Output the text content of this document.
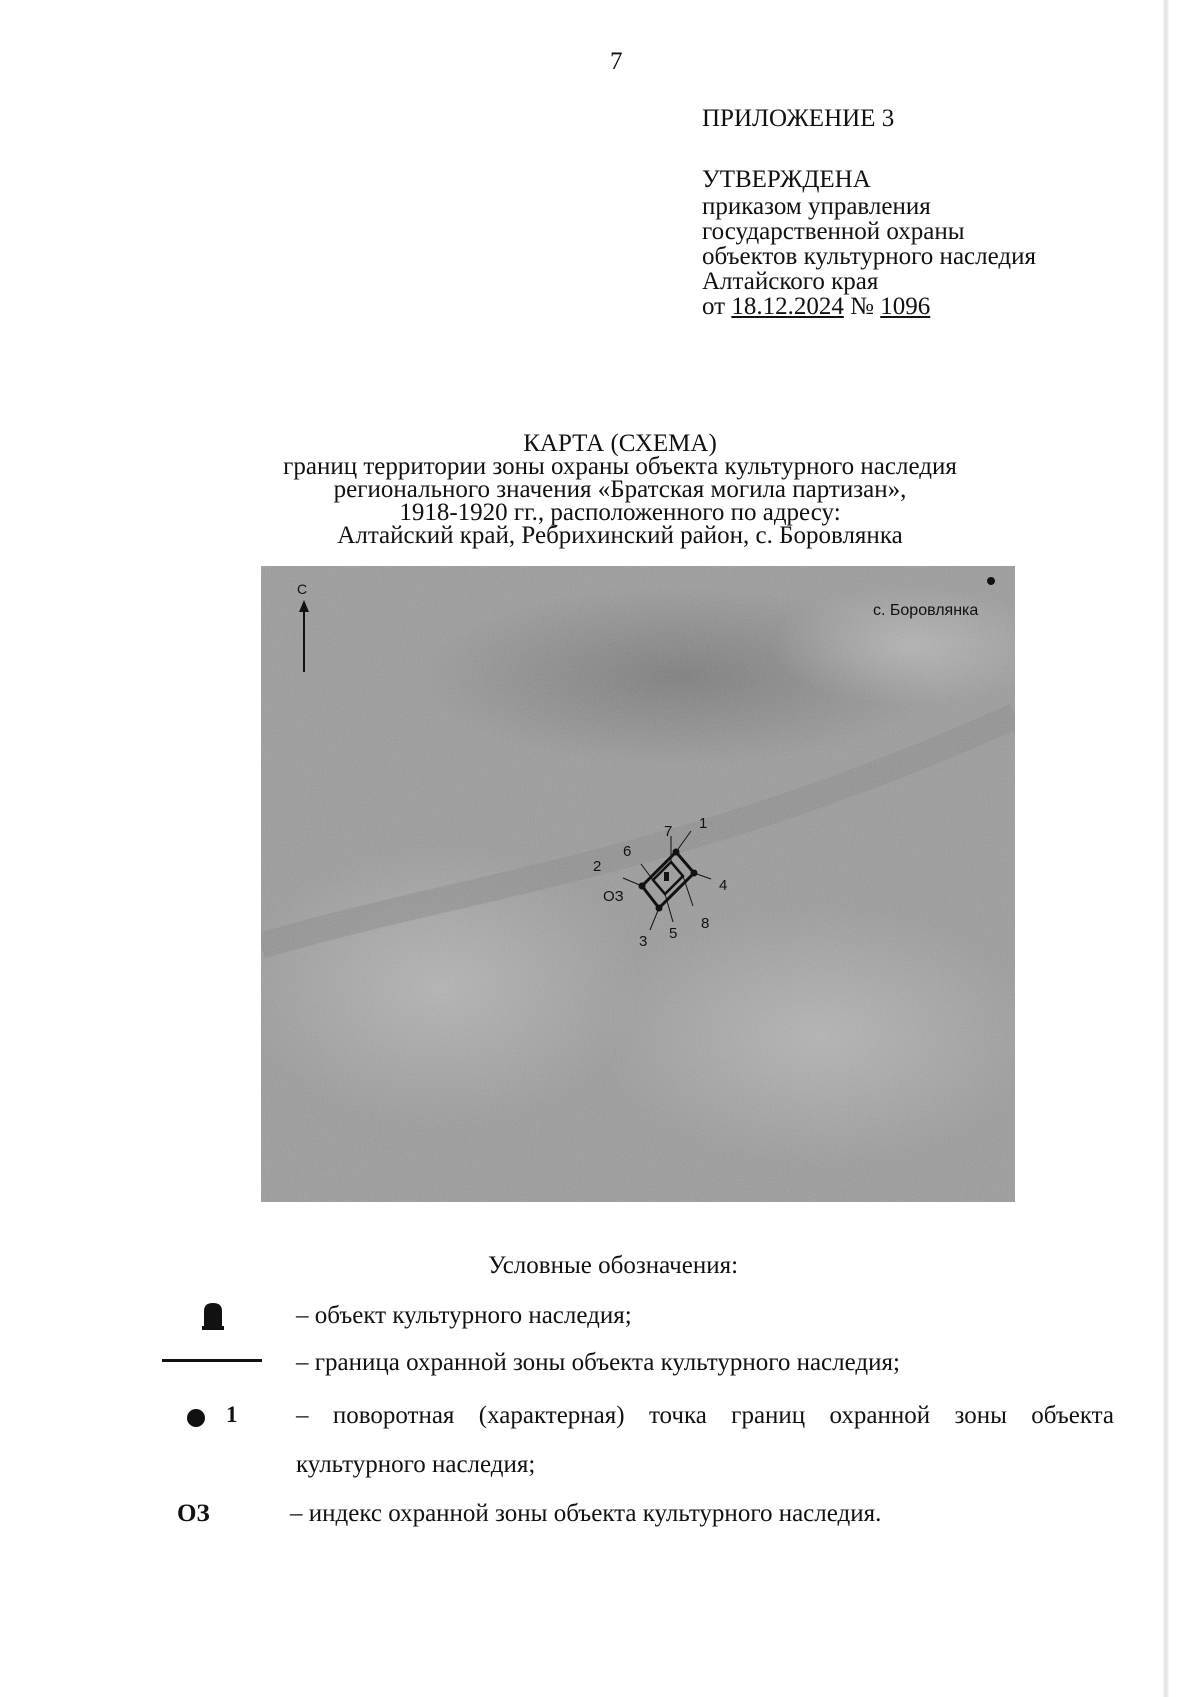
7
ПРИЛОЖЕНИЕ 3
УТВЕРЖДЕНА
приказом управления
государственной охраны
объектов культурного наследия
Алтайского края
от 18.12.2024 № 1096
КАРТА (СХЕМА)
границ территории зоны охраны объекта культурного наследия
регионального значения «Братская могила партизан»,
1918-1920 гг., расположенного по адресу:
Алтайский край, Ребрихинский район, с. Боровлянка
С
с. Боровлянка
1
2
3
4
5
6
7
8
ОЗ
Условные обозначения:
– объект культурного наследия;
– граница охранной зоны объекта культурного наследия;
1 – поворотная (характерная) точка границ охранной зоны объекта
культурного наследия;
ОЗ	– индекс охранной зоны объекта культурного наследия.
